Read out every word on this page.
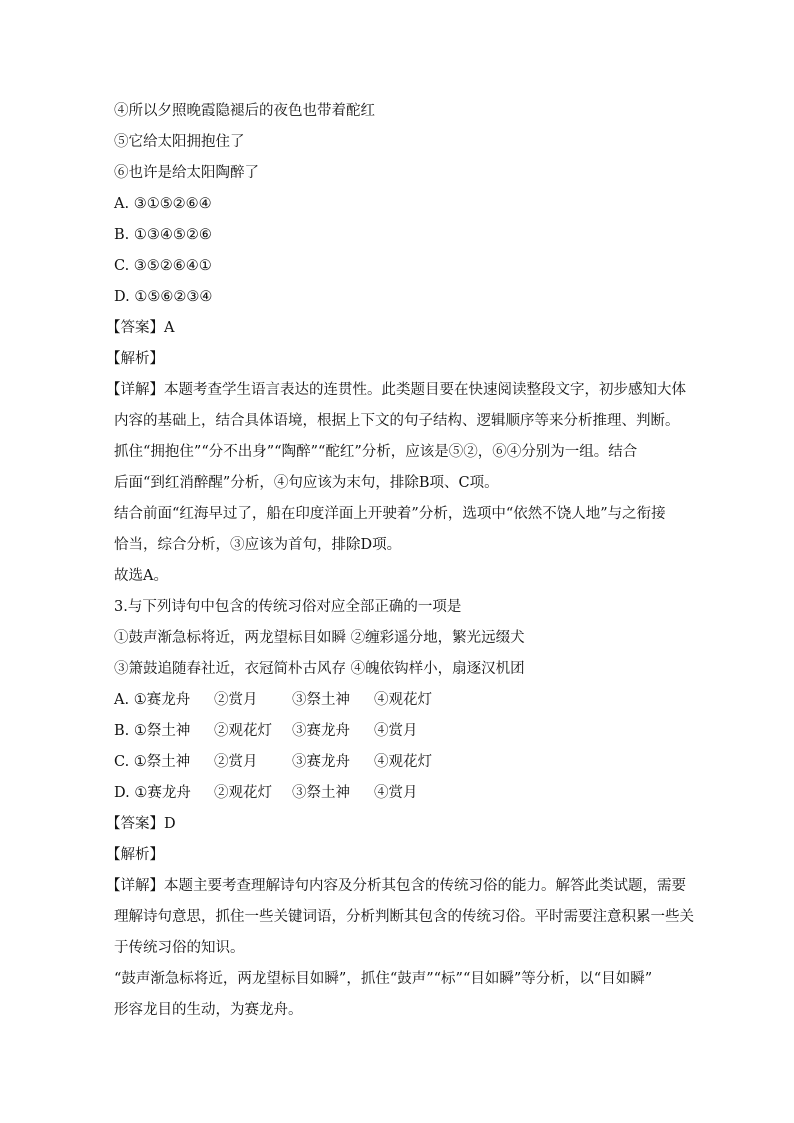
④所以夕照晚霞隐褪后的夜色也带着酡红
⑤它给太阳拥抱住了
⑥也许是给太阳陶醉了
A. ③①⑤②⑥④
B. ①③④⑤②⑥
C. ③⑤②⑥④①
D. ①⑤⑥②③④
【答案】A
【解析】
【详解】本题考查学生语言表达的连贯性。此类题目要在快速阅读整段文字，初步感知大体
内容的基础上，结合具体语境，根据上下文的句子结构、逻辑顺序等来分析推理、判断。
抓住“拥抱住”“分不出身”“陶醉”“酡红”分析，应该是⑤②，⑥④分别为一组。结合
后面“到红消醉醒”分析，④句应该为末句，排除B项、C项。
结合前面“红海早过了，船在印度洋面上开驶着”分析，选项中“依然不饶人地”与之衔接
恰当，综合分析，③应该为首句，排除D项。
故选A。
3.与下列诗句中包含的传统习俗对应全部正确的一项是
①鼓声渐急标将近，两龙望标目如瞬 ②缠彩遥分地，繁光远缀犬
③箫鼓追随春社近，衣冠简朴古风存 ④魄依钩样小，扇逐汉机团
A. ①赛龙舟 ②赏月 ③祭土神 ④观花灯
B. ①祭土神 ②观花灯 ③赛龙舟 ④赏月
C. ①祭土神 ②赏月 ③赛龙舟 ④观花灯
D. ①赛龙舟 ②观花灯 ③祭土神 ④赏月
【答案】D
【解析】
【详解】本题主要考查理解诗句内容及分析其包含的传统习俗的能力。解答此类试题，需要
理解诗句意思，抓住一些关键词语，分析判断其包含的传统习俗。平时需要注意积累一些关
于传统习俗的知识。
“鼓声渐急标将近，两龙望标目如瞬”，抓住“鼓声”“标”“目如瞬”等分析，以“目如瞬”
形容龙目的生动，为赛龙舟。
